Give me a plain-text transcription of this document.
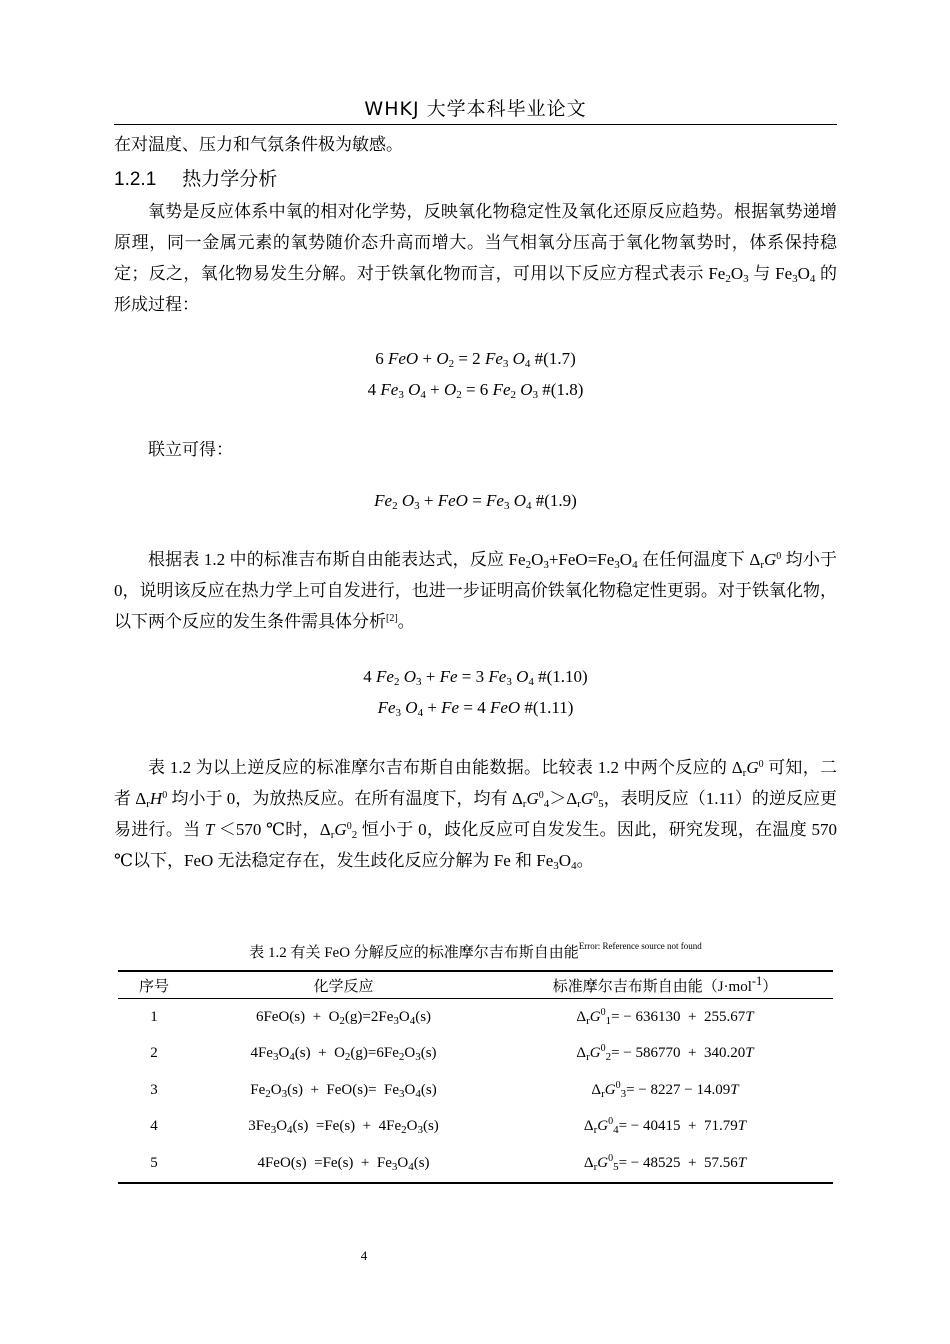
WHKJ 大学本科毕业论文
在对温度、压力和气氛条件极为敏感。
1.2.1 热力学分析
氧势是反应体系中氧的相对化学势，反映氧化物稳定性及氧化还原反应趋势。根据氧势递增原理，同一金属元素的氧势随价态升高而增大。当气相氧分压高于氧化物氧势时，体系保持稳定；反之，氧化物易发生分解。对于铁氧化物而言，可用以下反应方程式表示 $Fe_2O_3$ 与 $Fe_3O_4$ 的形成过程：
6 FeO + $O_2 = 2$ $Fe_3$ $O_4$ #(1.7)
4 $Fe_3$ $O_4 + O_2 = 6$ $Fe_2$ $O_3$ #(1.8)
联立可得：
$Fe_2$ $O_3$ + FeO = $Fe_3$ $O_4$ #(1.9)
根据表 1.2 中的标准吉布斯自由能表达式，反应 $Fe_2O_3+FeO=Fe_3O_4$ 在任何温度下 $\Delta_rG^0$ 均小于 0，说明该反应在热力学上可自发进行，也进一步证明高价铁氧化物稳定性更弱。对于铁氧化物，以下两个反应的发生条件需具体分析[2]。
4 $Fe_2$ $O_3 + Fe = 3$ $Fe_3$ $O_4$ #(1.10)
$Fe_3$ $O_4 + Fe = 4$ FeO #(1.11)
表 1.2 为以上逆反应的标准摩尔吉布斯自由能数据。比较表 1.2 中两个反应的 $\Delta_rG^0$ 可知，二者 $\Delta_rH^0$ 均小于 0，为放热反应。在所有温度下，均有 $\Delta_rG^0_4>\Delta_rG^0_5$，表明反应（1.11）的逆反应更易进行。当 T ＜570 ℃时，$\Delta_rG^0_2$ 恒小于 0，歧化反应可自发发生。因此，研究发现，在温度 570 ℃以下，FeO 无法稳定存在，发生歧化反应分解为 Fe 和 $Fe_3O_4$。
表 1.2 有关 FeO 分解反应的标准摩尔吉布斯自由能$^{Error: Reference source not found}$
序号	化学反应	标准摩尔吉布斯自由能（J·mol$^{-1}$）
1	$6FeO(s) + O_2(g)=2Fe_3O_4(s)$	$\Delta_rG^0_1= - 636130 + 255.67T$
2	$4Fe_3O_4(s) + O_2(g)=6Fe_2O_3(s)$	$\Delta_rG^0_2= - 586770 + 340.20T$
3	$Fe_2O_3(s) + FeO(s)= Fe_3O_4(s)$	$\Delta_rG^0_3= - 8227 - 14.09T$
4	$3Fe_3O_4(s) =Fe(s) + 4Fe_2O_3(s)$	$\Delta_rG^0_4= - 40415 + 71.79T$
5	$4FeO(s) =Fe(s) + Fe_3O_4(s)$	$\Delta_rG^0_5= - 48525 + 57.56T$
4
